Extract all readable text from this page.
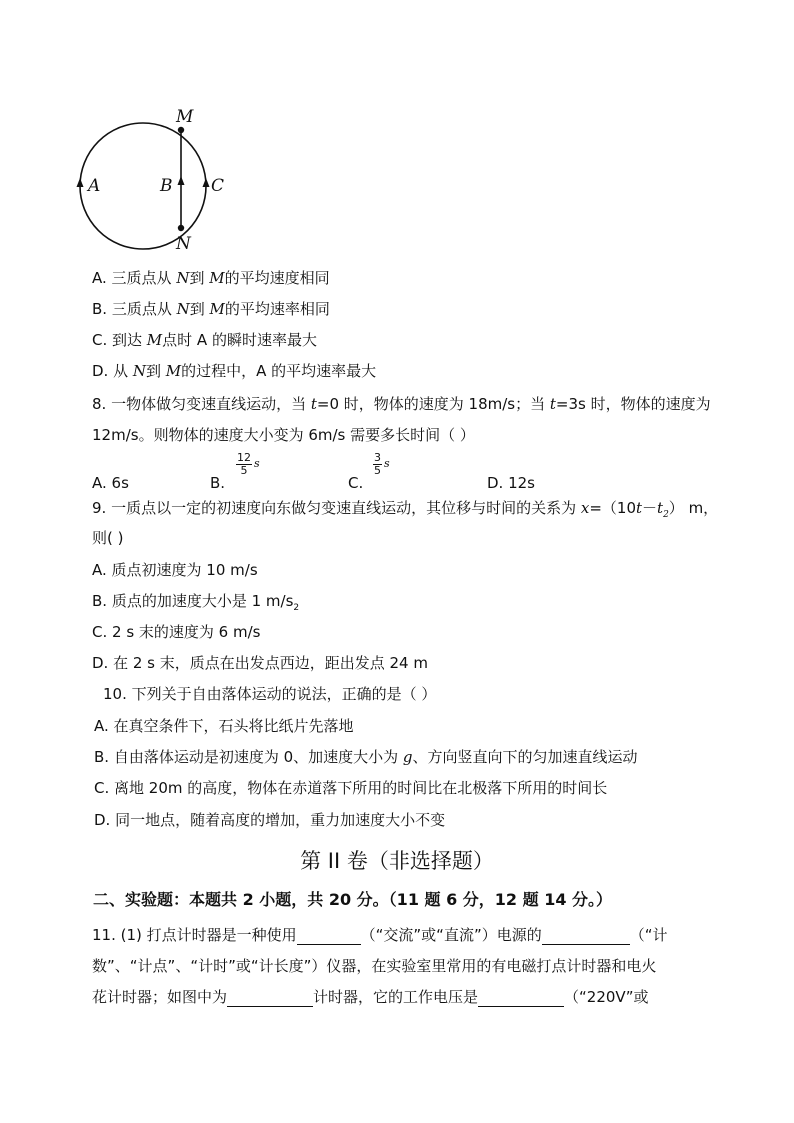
M
N
A	B C
A. 三质点从 N到 M的平均速度相同
B. 三质点从 N到 M的平均速率相同
C. 到达 M点时 A 的瞬时速率最大
D. 从 N到 M的过程中，A 的平均速率最大
8. 一物体做匀变速直线运动，当 t=0 时，物体的速度为 18m/s；当 t=3s 时，物体的速度为
12m/s。则物体的速度大小变为 6m/s 需要多长时间（ ）
A. 6s	B.
12
5
s
C.
3
5
s
D. 12s
9. 一质点以一定的初速度向东做匀变速直线运动，其位移与时间的关系为 $x=(10t-t_2)$ m，
则( )
A. 质点初速度为 10 m/s
B. 质点的加速度大小是 1 $m/s_2$
C. 2 s 末的速度为 6 m/s
D. 在 2 s 末，质点在出发点西边，距出发点 24 m
10. 下列关于自由落体运动的说法，正确的是（ ）
A. 在真空条件下，石头将比纸片先落地
B. 自由落体运动是初速度为 0、加速度大小为 g、方向竖直向下的匀加速直线运动
C. 离地 20m 的高度，物体在赤道落下所用的时间比在北极落下所用的时间长
D. 同一地点，随着高度的增加，重力加速度大小不变
第 II 卷（非选择题）
二、实验题：本题共 2 小题，共 20 分。（11 题 6 分，12 题 14 分。）
11. (1) 打点计时器是一种使用	（“交流”或“直流”）电源的	（“计
数”、“计点”、“计时”或“计长度”）仪器，在实验室里常用的有电磁打点计时器和电火
花计时器；如图中为	计时器，它的工作电压是	（“220V”或
